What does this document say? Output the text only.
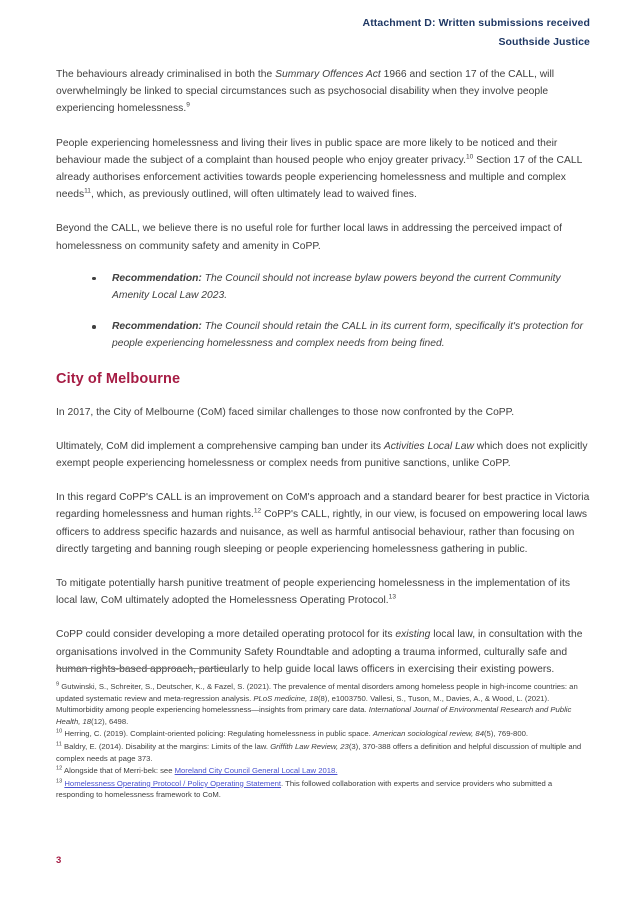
Attachment D: Written submissions received
Southside Justice

The behaviours already criminalised in both the Summary Offences Act 1966 and section 17 of the CALL, will overwhelmingly be linked to special circumstances such as psychosocial disability when they involve people experiencing homelessness.$^9$

People experiencing homelessness and living their lives in public space are more likely to be noticed and their behaviour made the subject of a complaint than housed people who enjoy greater privacy.$^{10}$ Section 17 of the CALL already authorises enforcement activities towards people experiencing homelessness and multiple and complex needs$^{11}$, which, as previously outlined, will often ultimately lead to waived fines.

Beyond the CALL, we believe there is no useful role for further local laws in addressing the perceived impact of homelessness on community safety and amenity in CoPP.

Recommendation: The Council should not increase bylaw powers beyond the current Community Amenity Local Law 2023.
Recommendation: The Council should retain the CALL in its current form, specifically it's protection for people experiencing homelessness and complex needs from being fined.
City of Melbourne

In 2017, the City of Melbourne (CoM) faced similar challenges to those now confronted by the CoPP.

Ultimately, CoM did implement a comprehensive camping ban under its Activities Local Law which does not explicitly exempt people experiencing homelessness or complex needs from punitive sanctions, unlike CoPP.

In this regard CoPP's CALL is an improvement on CoM's approach and a standard bearer for best practice in Victoria regarding homelessness and human rights.$^{12}$ CoPP's CALL, rightly, in our view, is focused on empowering local laws officers to address specific hazards and nuisance, as well as harmful antisocial behaviour, rather than focusing on directly targeting and banning rough sleeping or people experiencing homelessness gathering in public.

To mitigate potentially harsh punitive treatment of people experiencing homelessness in the implementation of its local law, CoM ultimately adopted the Homelessness Operating Protocol.$^{13}$

CoPP could consider developing a more detailed operating protocol for its existing local law, in consultation with the organisations involved in the Community Safety Roundtable and adopting a trauma informed, culturally safe and human rights-based approach, particularly to help guide local laws officers in exercising their existing powers.

$^9$ Gutwinski, S., Schreiter, S., Deutscher, K., & Fazel, S. (2021). The prevalence of mental disorders among homeless people in high-income countries: an updated systematic review and meta-regression analysis. PLoS medicine, 18(8), e1003750. Vallesi, S., Tuson, M., Davies, A., & Wood, L. (2021). Multimorbidity among people experiencing homelessness—insights from primary care data. International Journal of Environmental Research and Public Health, 18(12), 6498.

$^{10}$ Herring, C. (2019). Complaint-oriented policing: Regulating homelessness in public space. American sociological review, 84(5), 769-800.

$^{11}$ Baldry, E. (2014). Disability at the margins: Limits of the law. Griffith Law Review, 23(3), 370-388 offers a definition and helpful discussion of multiple and complex needs at page 373.

$^{12}$ Alongside that of Merri-bek: see Moreland City Council General Local Law 2018.

$^{13}$ Homelessness Operating Protocol / Policy Operating Statement. This followed collaboration with experts and service providers who submitted a responding to homelessness framework to CoM.

3
